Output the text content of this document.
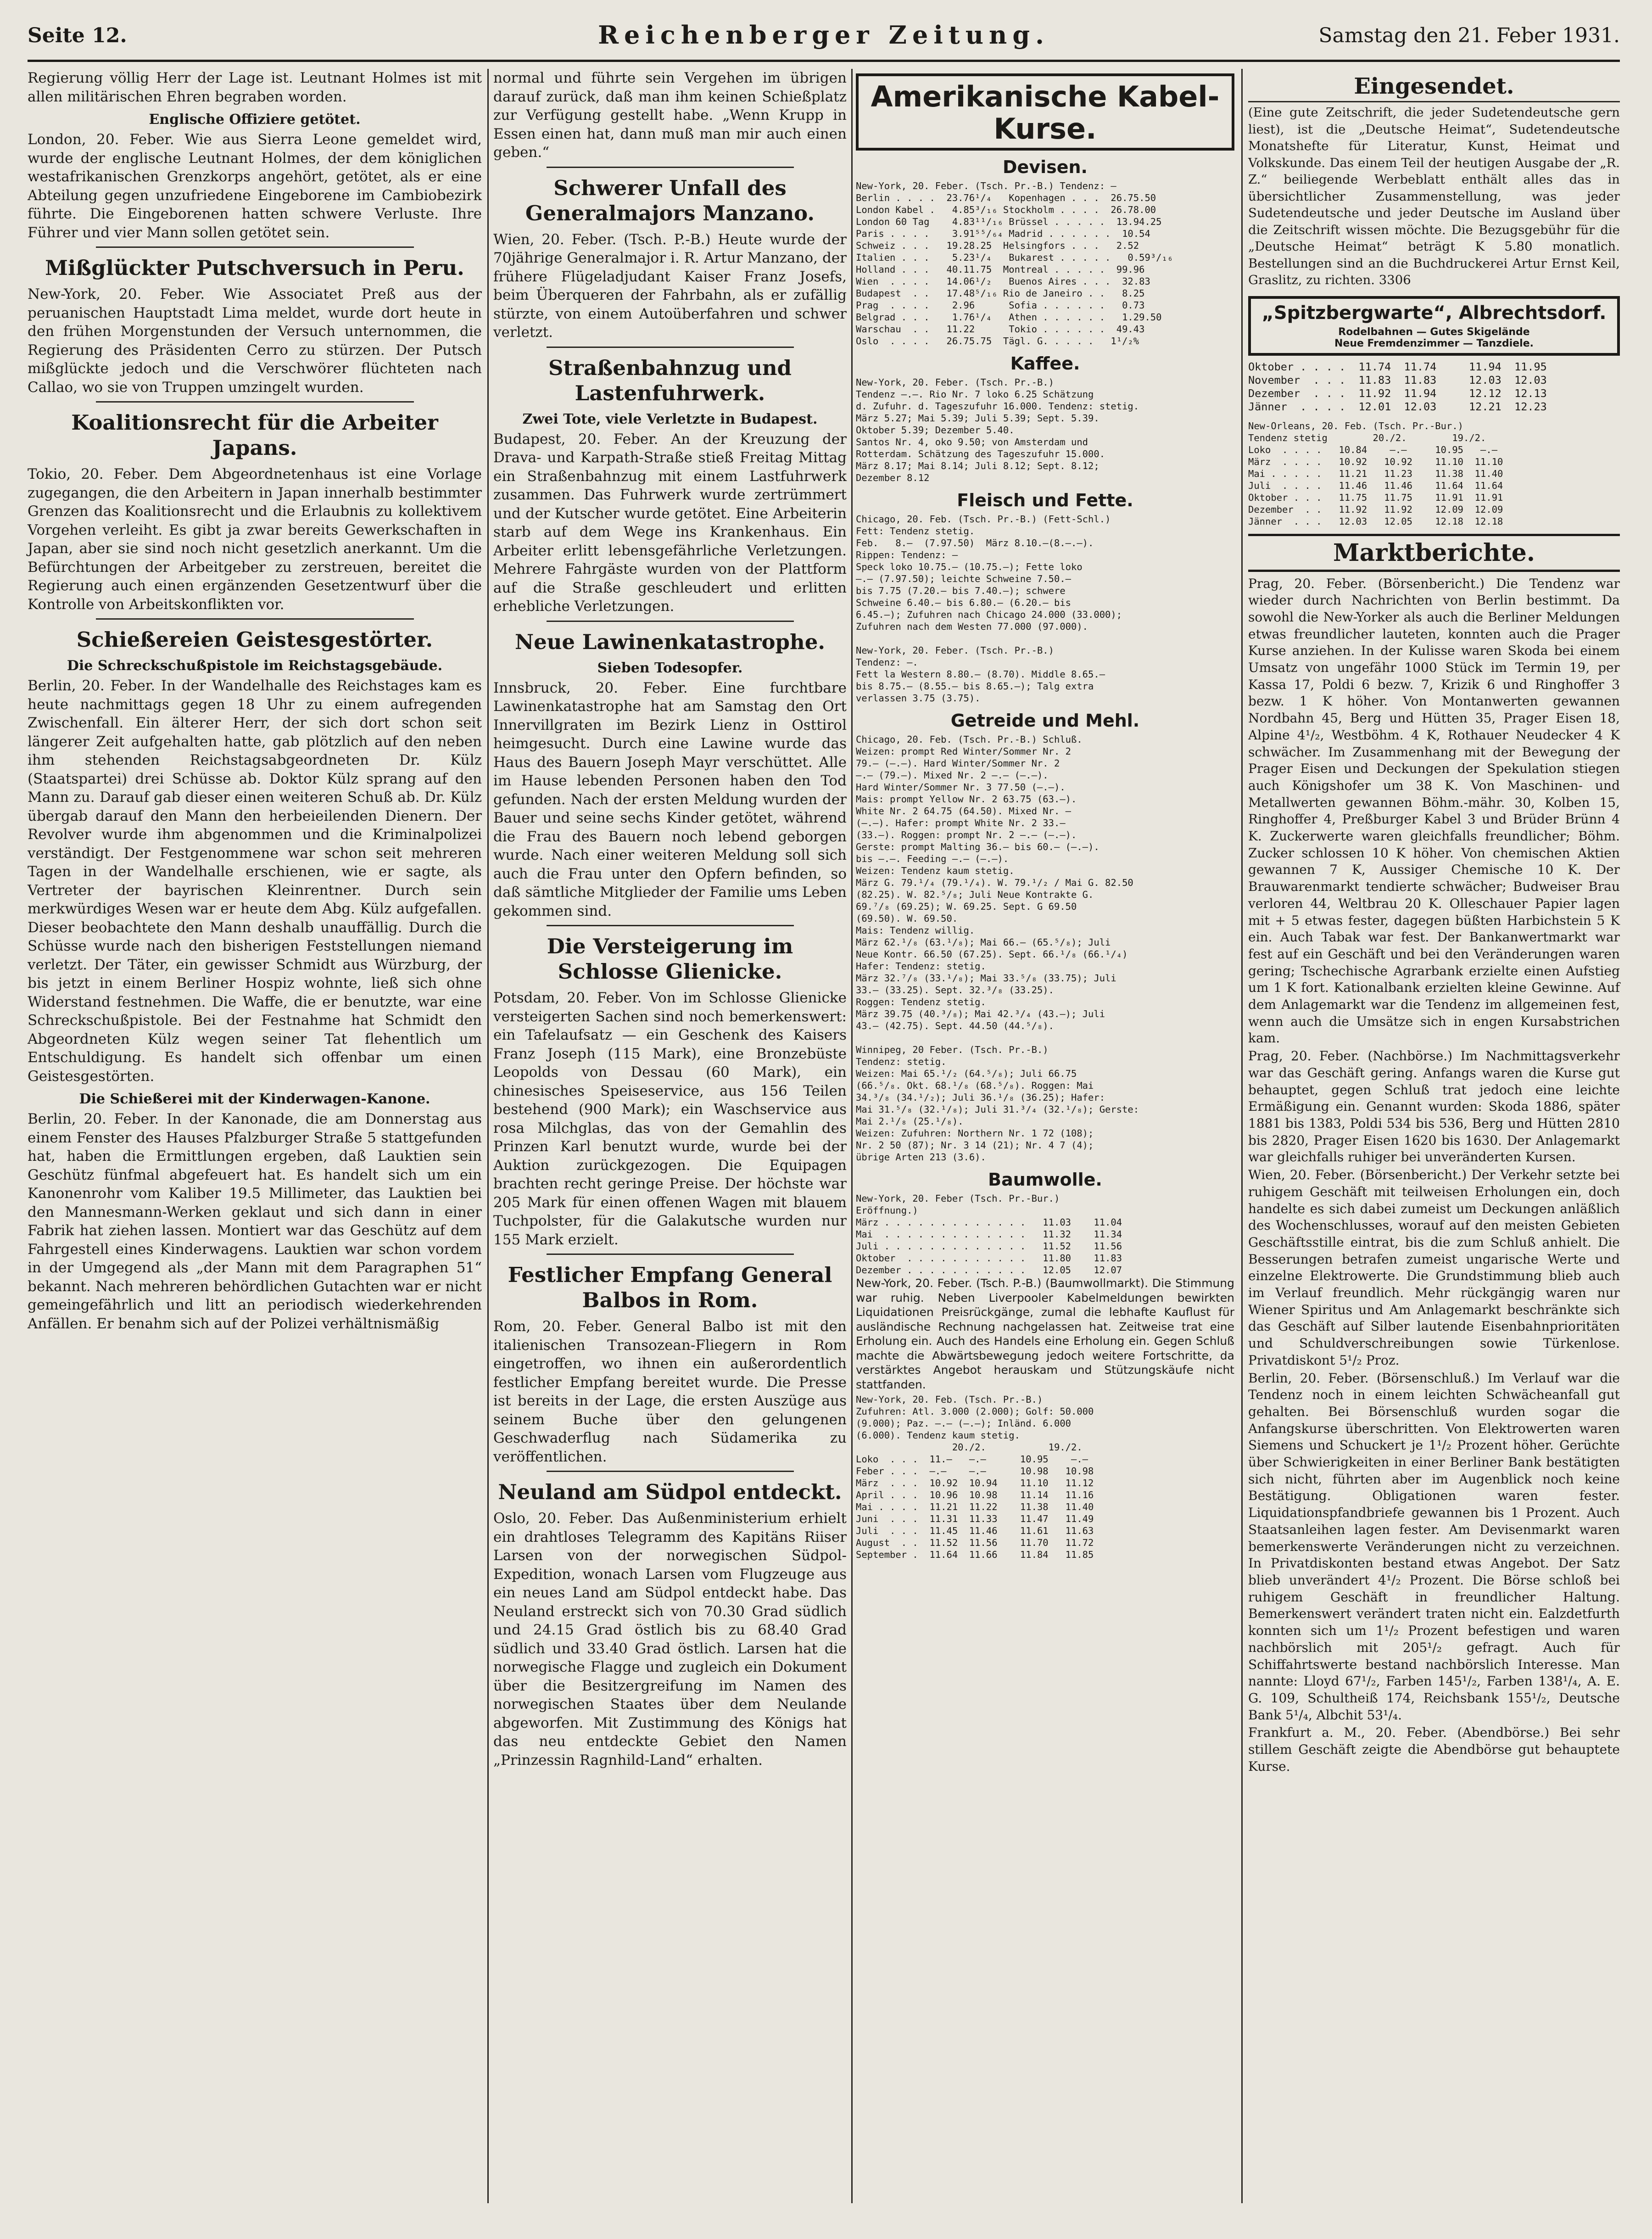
Seite 12.	Reichenberger Zeitung.	Samstag den 21. Feber 1931.

Regierung völlig Herr der Lage ist. Leutnant Holmes ist mit allen militärischen Ehren begraben worden.

Englische Offiziere getötet.

London, 20. Feber. Wie aus Sierra Leone gemeldet wird, wurde der englische Leutnant Holmes, der dem königlichen westafrikanischen Grenzkorps angehört, getötet, als er eine Abteilung gegen unzufriedene Eingeborene im Cambiobezirk führte. Die Eingeborenen hatten schwere Verluste. Ihre Führer und vier Mann sollen getötet sein.

Mißglückter Putschversuch in Peru.

New-York, 20. Feber. Wie Associatet Preß aus der peruanischen Hauptstadt Lima meldet, wurde dort heute in den frühen Morgenstunden der Versuch unternommen, die Regierung des Präsidenten Cerro zu stürzen. Der Putsch mißglückte jedoch und die Verschwörer flüchteten nach Callao, wo sie von Truppen umzingelt wurden.

Koalitionsrecht für die Arbeiter Japans.

Tokio, 20. Feber. Dem Abgeordnetenhaus ist eine Vorlage zugegangen, die den Arbeitern in Japan innerhalb bestimmter Grenzen das Koalitionsrecht und die Erlaubnis zu kollektivem Vorgehen verleiht. Es gibt ja zwar bereits Gewerkschaften in Japan, aber sie sind noch nicht gesetzlich anerkannt. Um die Befürchtungen der Arbeitgeber zu zerstreuen, bereitet die Regierung auch einen ergänzenden Gesetzentwurf über die Kontrolle von Arbeitskonflikten vor.

Schießereien Geistesgestörter.
Die Schreckschußpistole im Reichstagsgebäude.

Berlin, 20. Feber. In der Wandelhalle des Reichstages kam es heute nachmittags gegen 18 Uhr zu einem aufregenden Zwischenfall. Ein älterer Herr, der sich dort schon seit längerer Zeit aufgehalten hatte, gab plötzlich auf den neben ihm stehenden Reichstagsabgeordneten Dr. Külz (Staatspartei) drei Schüsse ab. Doktor Külz sprang auf den Mann zu. Darauf gab dieser einen weiteren Schuß ab. Dr. Külz übergab darauf den Mann den herbeieilenden Dienern. Der Revolver wurde ihm abgenommen und die Kriminalpolizei verständigt. Der Festgenommene war schon seit mehreren Tagen in der Wandelhalle erschienen, wie er sagte, als Vertreter der bayrischen Kleinrentner. Durch sein merkwürdiges Wesen war er heute dem Abg. Külz aufgefallen. Dieser beobachtete den Mann deshalb unauffällig. Durch die Schüsse wurde nach den bisherigen Feststellungen niemand verletzt. Der Täter, ein gewisser Schmidt aus Würzburg, der bis jetzt in einem Berliner Hospiz wohnte, ließ sich ohne Widerstand festnehmen. Die Waffe, die er benutzte, war eine Schreckschußpistole. Bei der Festnahme hat Schmidt den Abgeordneten Külz wegen seiner Tat flehentlich um Entschuldigung. Es handelt sich offenbar um einen Geistesgestörten.

Die Schießerei mit der Kinderwagen-Kanone.

Berlin, 20. Feber. In der Kanonade, die am Donnerstag aus einem Fenster des Hauses Pfalzburger Straße 5 stattgefunden hat, haben die Ermittlungen ergeben, daß Lauktien sein Geschütz fünfmal abgefeuert hat. Es handelt sich um ein Kanonenrohr vom Kaliber 19.5 Millimeter, das Lauktien bei den Mannesmann-Werken geklaut und sich dann in einer Fabrik hat ziehen lassen. Montiert war das Geschütz auf dem Fahrgestell eines Kinderwagens. Lauktien war schon vordem in der Umgegend als „der Mann mit dem Paragraphen 51“ bekannt. Nach mehreren behördlichen Gutachten war er nicht gemeingefährlich und litt an periodisch wiederkehrenden Anfällen. Er benahm sich auf der Polizei verhältnismäßig

normal und führte sein Vergehen im übrigen darauf zurück, daß man ihm keinen Schießplatz zur Verfügung gestellt habe. „Wenn Krupp in Essen einen hat, dann muß man mir auch einen geben.“

Schwerer Unfall des Generalmajors Manzano.

Wien, 20. Feber. (Tsch. P.-B.) Heute wurde der 70jährige Generalmajor i. R. Artur Manzano, der frühere Flügeladjudant Kaiser Franz Josefs, beim Überqueren der Fahrbahn, als er zufällig stürzte, von einem Autoüberfahren und schwer verletzt.

Straßenbahnzug und Lastenfuhrwerk.
Zwei Tote, viele Verletzte in Budapest.

Budapest, 20. Feber. An der Kreuzung der Drava- und Karpath-Straße stieß Freitag Mittag ein Straßenbahnzug mit einem Lastfuhrwerk zusammen. Das Fuhrwerk wurde zertrümmert und der Kutscher wurde getötet. Eine Arbeiterin starb auf dem Wege ins Krankenhaus. Ein Arbeiter erlitt lebensgefährliche Verletzungen. Mehrere Fahrgäste wurden von der Plattform auf die Straße geschleudert und erlitten erhebliche Verletzungen.

Neue Lawinenkatastrophe.
Sieben Todesopfer.

Innsbruck, 20. Feber. Eine furchtbare Lawinenkatastrophe hat am Samstag den Ort Innervillgraten im Bezirk Lienz in Osttirol heimgesucht. Durch eine Lawine wurde das Haus des Bauern Joseph Mayr verschüttet. Alle im Hause lebenden Personen haben den Tod gefunden. Nach der ersten Meldung wurden der Bauer und seine sechs Kinder getötet, während die Frau des Bauern noch lebend geborgen wurde. Nach einer weiteren Meldung soll sich auch die Frau unter den Opfern befinden, so daß sämtliche Mitglieder der Familie ums Leben gekommen sind.

Die Versteigerung im Schlosse Glienicke.

Potsdam, 20. Feber. Von im Schlosse Glienicke versteigerten Sachen sind noch bemerkenswert: ein Tafelaufsatz — ein Geschenk des Kaisers Franz Joseph (115 Mark), eine Bronzebüste Leopolds von Dessau (60 Mark), ein chinesisches Speiseservice, aus 156 Teilen bestehend (900 Mark); ein Waschservice aus rosa Milchglas, das von der Gemahlin des Prinzen Karl benutzt wurde, wurde bei der Auktion zurückgezogen. Die Equipagen brachten recht geringe Preise. Der höchste war 205 Mark für einen offenen Wagen mit blauem Tuchpolster, für die Galakutsche wurden nur 155 Mark erzielt.

Festlicher Empfang General Balbos in Rom.

Rom, 20. Feber. General Balbo ist mit den italienischen Transozean-Fliegern in Rom eingetroffen, wo ihnen ein außerordentlich festlicher Empfang bereitet wurde. Die Presse ist bereits in der Lage, die ersten Auszüge aus seinem Buche über den gelungenen Geschwaderflug nach Südamerika zu veröffentlichen.

Neuland am Südpol entdeckt.

Oslo, 20. Feber. Das Außenministerium erhielt ein drahtloses Telegramm des Kapitäns Riiser Larsen von der norwegischen Südpol-Expedition, wonach Larsen vom Flugzeuge aus ein neues Land am Südpol entdeckt habe. Das Neuland erstreckt sich von 70.30 Grad südlich und 24.15 Grad östlich bis zu 68.40 Grad südlich und 33.40 Grad östlich. Larsen hat die norwegische Flagge und zugleich ein Dokument über die Besitzergreifung im Namen des norwegischen Staates über dem Neulande abgeworfen. Mit Zustimmung des Königs hat das neu entdeckte Gebiet den Namen „Prinzessin Ragnhild-Land“ erhalten.

Amerikanische Kabel-Kurse.
Devisen.
New-York, 20. Feber. (Tsch. Pr.-B.) Tendenz: —
Berlin . . . .  23.76¹/₄   Kopenhagen . . .  26.75.50
London Kabel .   4.85³/₁₆ Stockholm . . . .  26.78.00
London 60 Tag    4.83¹¹/₁₆ Brüssel . . . . .  13.94.25
Paris . . . .    3.91⁵⁵/₆₄ Madrid . . . . . .  10.54
Schweiz . . .   19.28.25  Helsingfors . . .   2.52
Italien . . .    5.23¹/₄   Bukarest . . . . .   0.59³/₁₆
Holland . . .   40.11.75  Montreal . . . . .  99.96
Wien  . . . .   14.06¹/₂   Buenos Aires . . .  32.83
Budapest  . .   17.48⁵/₁₆ Rio de Janeiro . .   8.25
Prag  . . . .    2.96      Sofia . . . . . .   0.73
Belgrad . . .    1.76¹/₄   Athen . . . . . .   1.29.50
Warschau  . .   11.22      Tokio . . . . . .  49.43
Oslo  . . . .   26.75.75  Tägl. G. . . . .   1¹/₂%
Kaffee.
New-York, 20. Feber. (Tsch. Pr.-B.)
Tendenz —.—. Rio Nr. 7 loko 6.25 Schätzung
d. Zufuhr. d. Tageszufuhr 16.000. Tendenz: stetig.
März 5.27; Mai 5.39; Juli 5.39; Sept. 5.39.
Oktober 5.39; Dezember 5.40.
Santos Nr. 4, oko 9.50; von Amsterdam und
Rotterdam. Schätzung des Tageszufuhr 15.000.
März 8.17; Mai 8.14; Juli 8.12; Sept. 8.12;
Dezember 8.12
Fleisch und Fette.
Chicago, 20. Feb. (Tsch. Pr.-B.) (Fett-Schl.)
Fett: Tendenz stetig.
Feb.   8.—  (7.97.50)  März 8.10.—(8.—.—).
Rippen: Tendenz: —
Speck loko 10.75.— (10.75.—); Fette loko
—.— (7.97.50); leichte Schweine 7.50.—
bis 7.75 (7.20.— bis 7.40.—); schwere
Schweine 6.40.— bis 6.80.— (6.20.— bis
6.45.—); Zufuhren nach Chicago 24.000 (33.000);
Zufuhren nach dem Westen 77.000 (97.000).

New-York, 20. Feber. (Tsch. Pr.-B.)
Tendenz: —.
Fett la Western 8.80.— (8.70). Middle 8.65.—
bis 8.75.— (8.55.— bis 8.65.—); Talg extra
verlassen 3.75 (3.75).
Getreide und Mehl.
Chicago, 20. Feb. (Tsch. Pr.-B.) Schluß.
Weizen: prompt Red Winter/Sommer Nr. 2
79.— (—.—). Hard Winter/Sommer Nr. 2
—.— (79.—). Mixed Nr. 2 —.— (—.—).
Hard Winter/Sommer Nr. 3 77.50 (—.—).
Mais: prompt Yellow Nr. 2 63.75 (63.—).
White Nr. 2 64.75 (64.50). Mixed Nr. —
(—.—). Hafer: prompt White Nr. 2 33.—
(33.—). Roggen: prompt Nr. 2 —.— (—.—).
Gerste: prompt Malting 36.— bis 60.— (—.—).
bis —.—. Feeding —.— (—.—).
Weizen: Tendenz kaum stetig.
März G. 79.¹/₄ (79.¹/₄). W. 79.¹/₂ / Mai G. 82.50
(82.25). W. 82.⁵/₈; Juli Neue Kontrakte G.
69.⁷/₈ (69.25); W. 69.25. Sept. G 69.50
(69.50). W. 69.50.
Mais: Tendenz willig.
März 62.¹/₈ (63.¹/₈); Mai 66.— (65.⁵/₈); Juli
Neue Kontr. 66.50 (67.25). Sept. 66.¹/₈ (66.¹/₄)
Hafer: Tendenz: stetig.
März 32.⁷/₈ (33.¹/₈); Mai 33.⁵/₈ (33.75); Juli
33.— (33.25). Sept. 32.³/₈ (33.25).
Roggen: Tendenz stetig.
März 39.75 (40.³/₈); Mai 42.³/₄ (43.—); Juli
43.— (42.75). Sept. 44.50 (44.⁵/₈).

Winnipeg, 20 Feber. (Tsch. Pr.-B.)
Tendenz: stetig.
Weizen: Mai 65.¹/₂ (64.⁵/₈); Juli 66.75
(66.⁵/₈. Okt. 68.¹/₈ (68.⁵/₈). Roggen: Mai
34.³/₈ (34.¹/₂); Juli 36.¹/₈ (36.25); Hafer:
Mai 31.⁵/₈ (32.¹/₈); Juli 31.³/₄ (32.¹/₈); Gerste:
Mai 2.¹/₈ (25.¹/₈).
Weizen: Zufuhren: Northern Nr. 1 72 (108);
Nr. 2 50 (87); Nr. 3 14 (21); Nr. 4 7 (4);
übrige Arten 213 (3.6).
Baumwolle.
New-York, 20. Feber (Tsch. Pr.-Bur.)
Eröffnung.)
März . . . . . . . . . . . . .   11.03    11.04
Mai  . . . . . . . . . . . . .   11.32    11.34
Juli . . . . . . . . . . . . .   11.52    11.56
Oktober  . . . . . . . . . . .   11.80    11.83
Dezember . . . . . . . . . . .   12.05    12.07

New-York, 20. Feber. (Tsch. P.-B.) (Baumwollmarkt). Die Stimmung war ruhig. Neben Liverpooler Kabelmeldungen bewirkten Liquidationen Preisrückgänge, zumal die lebhafte Kauflust für ausländische Rechnung nachgelassen hat. Zeitweise trat eine Erholung ein. Auch des Handels eine Erholung ein. Gegen Schluß machte die Abwärtsbewegung jedoch weitere Fortschritte, da verstärktes Angebot herauskam und Stützungskäufe nicht stattfanden.

New-York, 20. Feb. (Tsch. Pr.-B.)
Zufuhren: Atl. 3.000 (2.000); Golf: 50.000
(9.000); Paz. —.— (—.—); Inländ. 6.000
(6.000). Tendenz kaum stetig.
20./2.           19./2.
Loko  . . .  11.—   —.—      10.95    —.—
Feber . . .  —.—    —.—      10.98   10.98
März  . . .  10.92  10.94    11.10   11.12
April . . .  10.96  10.98    11.14   11.16
Mai . . . .  11.21  11.22    11.38   11.40
Juni  . . .  11.31  11.33    11.47   11.49
Juli  . . .  11.45  11.46    11.61   11.63
August  . .  11.52  11.56    11.70   11.72
September .  11.64  11.66    11.84   11.85
Eingesendet.

(Eine gute Zeitschrift, die jeder Sudetendeutsche gern liest), ist die „Deutsche Heimat“, Sudetendeutsche Monatshefte für Literatur, Kunst, Heimat und Volkskunde. Das einem Teil der heutigen Ausgabe der „R. Z.“ beiliegende Werbeblatt enthält alles das in übersichtlicher Zusammenstellung, was jeder Sudetendeutsche und jeder Deutsche im Ausland über die Zeitschrift wissen möchte. Die Bezugsgebühr für die „Deutsche Heimat“ beträgt K 5.80 monatlich. Bestellungen sind an die Buchdruckerei Artur Ernst Keil, Graslitz, zu richten. 3306

„Spitzbergwarte“, Albrechtsdorf.
Rodelbahnen — Gutes Skigelände
Neue Fremdenzimmer — Tanzdiele.
Oktober . . . .  11.74  11.74     11.94  11.95
November  . . .  11.83  11.83     12.03  12.03
Dezember  . . .  11.92  11.94     12.12  12.13
Jänner  . . . .  12.01  12.03     12.21  12.23
New-Orleans, 20. Feb. (Tsch. Pr.-Bur.)
Tendenz stetig        20./2.        19./2.
Loko  . . . .   10.84    —.—     10.95   —.—
März  . . . .   10.92   10.92    11.10  11.10
Mai . . . . .   11.21   11.23    11.38  11.40
Juli  . . . .   11.46   11.46    11.64  11.64
Oktober . . .   11.75   11.75    11.91  11.91
Dezember  . .   11.92   11.92    12.09  12.09
Jänner  . . .   12.03   12.05    12.18  12.18
Marktberichte.

Prag, 20. Feber. (Börsenbericht.) Die Tendenz war wieder durch Nachrichten von Berlin bestimmt. Da sowohl die New-Yorker als auch die Berliner Meldungen etwas freundlicher lauteten, konnten auch die Prager Kurse anziehen. In der Kulisse waren Skoda bei einem Umsatz von ungefähr 1000 Stück im Termin 19, per Kassa 17, Poldi 6 bezw. 7, Krizik 6 und Ringhoffer 3 bezw. 1 K höher. Von Montanwerten gewannen Nordbahn 45, Berg und Hütten 35, Prager Eisen 18, Alpine 4¹/₂, Westböhm. 4 K, Rothauer Neudecker 4 K schwächer. Im Zusammenhang mit der Bewegung der Prager Eisen und Deckungen der Spekulation stiegen auch Königshofer um 38 K. Von Maschinen- und Metallwerten gewannen Böhm.-mähr. 30, Kolben 15, Ringhoffer 4, Preßburger Kabel 3 und Brüder Brünn 4 K. Zuckerwerte waren gleichfalls freundlicher; Böhm. Zucker schlossen 10 K höher. Von chemischen Aktien gewannen 7 K, Aussiger Chemische 10 K. Der Brauwarenmarkt tendierte schwächer; Budweiser Brau verloren 44, Weltbrau 20 K. Olleschauer Papier lagen mit + 5 etwas fester, dagegen büßten Harbichstein 5 K ein. Auch Tabak war fest. Der Bankanwertmarkt war fest auf ein Geschäft und bei den Veränderungen waren gering; Tschechische Agrarbank erzielte einen Aufstieg um 1 K fort. Kationalbank erzielten kleine Gewinne. Auf dem Anlagemarkt war die Tendenz im allgemeinen fest, wenn auch die Umsätze sich in engen Kursabstrichen kam.

Prag, 20. Feber. (Nachbörse.) Im Nachmittagsverkehr war das Geschäft gering. Anfangs waren die Kurse gut behauptet, gegen Schluß trat jedoch eine leichte Ermäßigung ein. Genannt wurden: Skoda 1886, später 1881 bis 1383, Poldi 534 bis 536, Berg und Hütten 2810 bis 2820, Prager Eisen 1620 bis 1630. Der Anlagemarkt war gleichfalls ruhiger bei unveränderten Kursen.

Wien, 20. Feber. (Börsenbericht.) Der Verkehr setzte bei ruhigem Geschäft mit teilweisen Erholungen ein, doch handelte es sich dabei zumeist um Deckungen anläßlich des Wochenschlusses, worauf auf den meisten Gebieten Geschäftsstille eintrat, bis die zum Schluß anhielt. Die Besserungen betrafen zumeist ungarische Werte und einzelne Elektrowerte. Die Grundstimmung blieb auch im Verlauf freundlich. Mehr rückgängig waren nur Wiener Spiritus und Am Anlagemarkt beschränkte sich das Geschäft auf Silber lautende Eisenbahnprioritäten und Schuldverschreibungen sowie Türkenlose. Privatdiskont 5¹/₂ Proz.

Berlin, 20. Feber. (Börsenschluß.) Im Verlauf war die Tendenz noch in einem leichten Schwächeanfall gut gehalten. Bei Börsenschluß wurden sogar die Anfangskurse überschritten. Von Elektrowerten waren Siemens und Schuckert je 1¹/₂ Prozent höher. Gerüchte über Schwierigkeiten in einer Berliner Bank bestätigten sich nicht, führten aber im Augenblick noch keine Bestätigung. Obligationen waren fester. Liquidationspfandbriefe gewannen bis 1 Prozent. Auch Staatsanleihen lagen fester. Am Devisenmarkt waren bemerkenswerte Veränderungen nicht zu verzeichnen. In Privatdiskonten bestand etwas Angebot. Der Satz blieb unverändert 4¹/₂ Prozent. Die Börse schloß bei ruhigem Geschäft in freundlicher Haltung. Bemerkenswert verändert traten nicht ein. Ealzdetfurth konnten sich um 1¹/₂ Prozent befestigen und waren nachbörslich mit 205¹/₂ gefragt. Auch für Schiffahrtswerte bestand nachbörslich Interesse. Man nannte: Lloyd 67¹/₂, Farben 145¹/₂, Farben 138¹/₄, A. E. G. 109, Schultheiß 174, Reichsbank 155¹/₂, Deutsche Bank 5¹/₄, Albchit 53¹/₄.

Frankfurt a. M., 20. Feber. (Abendbörse.) Bei sehr stillem Geschäft zeigte die Abendbörse gut behauptete Kurse.
